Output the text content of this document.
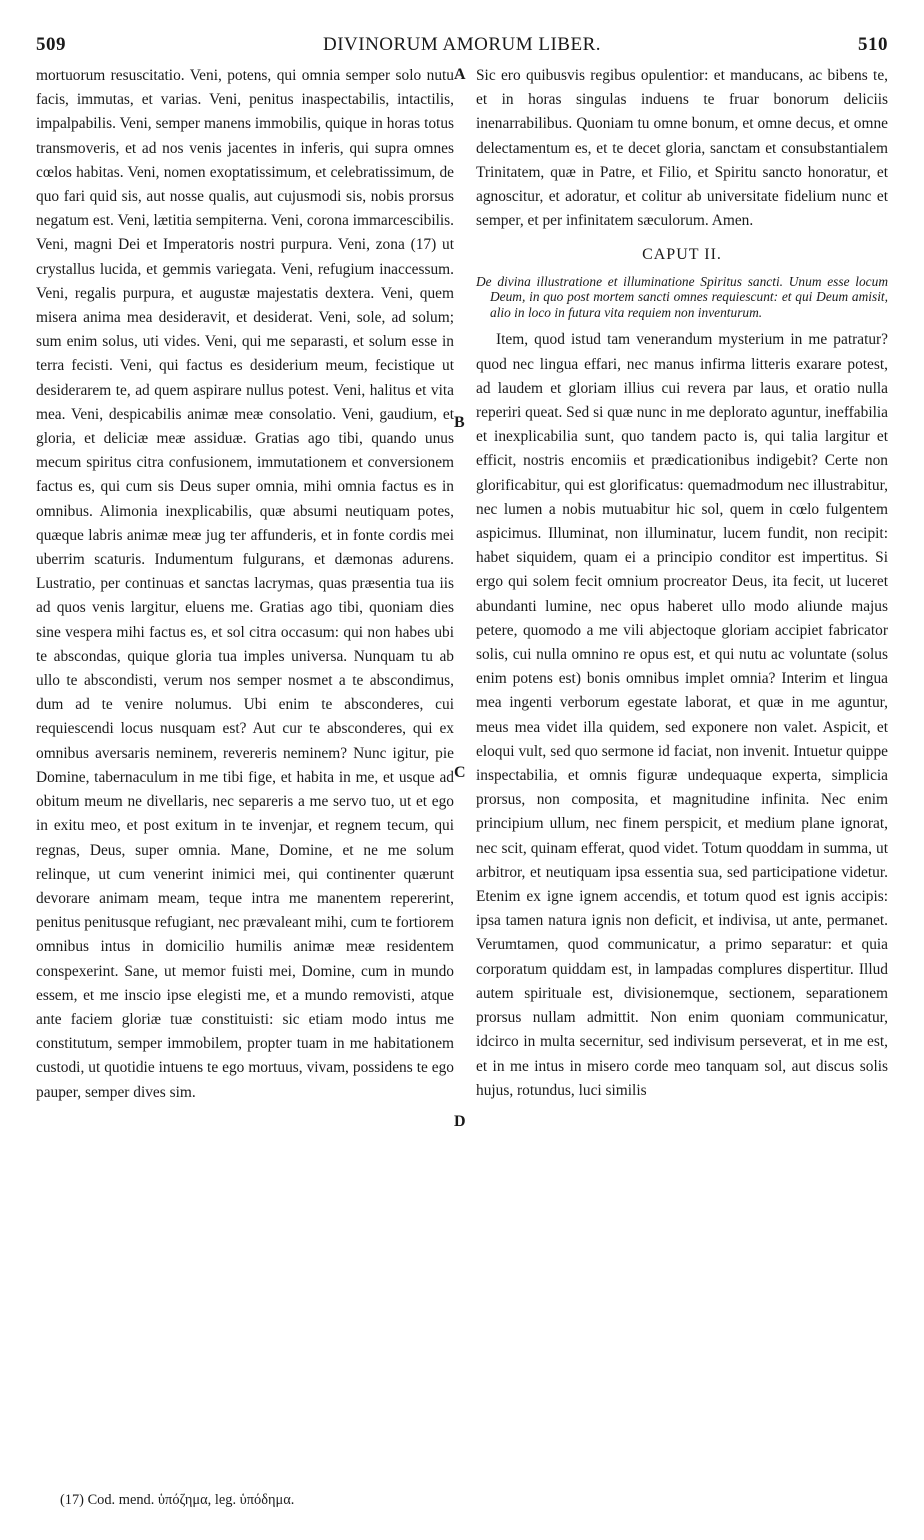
509	DIVINORUM AMORUM LIBER.	510

mortuorum resuscitatio. Veni, potens, qui omnia semper solo nutu facis, immutas, et varias. Veni, penitus inaspectabilis, intactilis, impalpabilis. Veni, semper manens immobilis, quique in horas totus transmoveris, et ad nos venis jacentes in inferis, qui supra omnes cœlos habitas. Veni, nomen exoptatissimum, et celebratissimum, de quo fari quid sis, aut nosse qualis, aut cujusmodi sis, nobis prorsus negatum est. Veni, lætitia sempiterna. Veni, corona immarcescibilis. Veni, magni Dei et Imperatoris nostri purpura. Veni, zona (17) ut crystallus lucida, et gemmis variegata. Veni, refugium inaccessum. Veni, regalis purpura, et augustæ majestatis dextera. Veni, quem misera anima mea desideravit, et desiderat. Veni, sole, ad solum; sum enim solus, uti vides. Veni, qui me separasti, et solum esse in terra fecisti. Veni, qui factus es desiderium meum, fecistique ut desiderarem te, ad quem aspirare nullus potest. Veni, halitus et vita mea. Veni, despicabilis animæ meæ consolatio. Veni, gaudium, et gloria, et deliciæ meæ assiduæ. Gratias ago tibi, quando unus mecum spiritus citra confusionem, immutationem et conversionem factus es, qui cum sis Deus super omnia, mihi omnia factus es in omnibus. Alimonia inexplicabilis, quæ absumi neutiquam potes, quæque labris animæ meæ jug ter affunderis, et in fonte cordis mei uberrim scaturis. Indumentum fulgurans, et dæmonas adurens. Lustratio, per continuas et sanctas lacrymas, quas præsentia tua iis ad quos venis largitur, eluens me. Gratias ago tibi, quoniam dies sine vespera mihi factus es, et sol citra occasum: qui non habes ubi te abscondas, quique gloria tua imples universa. Nunquam tu ab ullo te abscondisti, verum nos semper nosmet a te abscondimus, dum ad te venire nolumus. Ubi enim te absconderes, cui requiescendi locus nusquam est? Aut cur te absconderes, qui ex omnibus aversaris neminem, revereris neminem? Nunc igitur, pie Domine, tabernaculum in me tibi fige, et habita in me, et usque ad obitum meum ne divellaris, nec separeris a me servo tuo, ut et ego in exitu meo, et post exitum in te invenjar, et regnem tecum, qui regnas, Deus, super omnia. Mane, Domine, et ne me solum relinque, ut cum venerint inimici mei, qui continenter quærunt devorare animam meam, teque intra me manentem repererint, penitus penitusque refugiant, nec prævaleant mihi, cum te fortiorem omnibus intus in domicilio humilis animæ meæ residentem conspexerint. Sane, ut memor fuisti mei, Domine, cum in mundo essem, et me inscio ipse elegisti me, et a mundo removisti, atque ante faciem gloriæ tuæ constituisti: sic etiam modo intus me constitutum, semper immobilem, propter tuam in me habitationem custodi, ut quotidie intuens te ego mortuus, vivam, possidens te ego pauper, semper dives sim.

Sic ero quibusvis regibus opulentior: et manducans, ac bibens te, et in horas singulas induens te fruar bonorum deliciis inenarrabilibus. Quoniam tu omne bonum, et omne decus, et omne delectamentum es, et te decet gloria, sanctam et consubstantialem Trinitatem, quæ in Patre, et Filio, et Spiritu sancto honoratur, et agnoscitur, et adoratur, et colitur ab universitate fidelium nunc et semper, et per infinitatem sæculorum. Amen.

CAPUT II.
De divina illustratione et illuminatione Spiritus sancti. Unum esse locum Deum, in quo post mortem sancti omnes requiescunt: et qui Deum amisit, alio in loco in futura vita requiem non inventurum.

Item, quod istud tam venerandum mysterium in me patratur? quod nec lingua effari, nec manus infirma litteris exarare potest, ad laudem et gloriam illius cui revera par laus, et oratio nulla reperiri queat. Sed si quæ nunc in me deplorato aguntur, ineffabilia et inexplicabilia sunt, quo tandem pacto is, qui talia largitur et efficit, nostris encomiis et prædicationibus indigebit? Certe non glorificabitur, qui est glorificatus: quemadmodum nec illustrabitur, nec lumen a nobis mutuabitur hic sol, quem in cœlo fulgentem aspicimus. Illuminat, non illuminatur, lucem fundit, non recipit: habet siquidem, quam ei a principio conditor est impertitus. Si ergo qui solem fecit omnium procreator Deus, ita fecit, ut luceret abundanti lumine, nec opus haberet ullo modo aliunde majus petere, quomodo a me vili abjectoque gloriam accipiet fabricator solis, cui nulla omnino re opus est, et qui nutu ac voluntate (solus enim potens est) bonis omnibus implet omnia? Interim et lingua mea ingenti verborum egestate laborat, et quæ in me aguntur, meus mea videt illa quidem, sed exponere non valet. Aspicit, et eloqui vult, sed quo sermone id faciat, non invenit. Intuetur quippe inspectabilia, et omnis figuræ undequaque experta, simplicia prorsus, non composita, et magnitudine infinita. Nec enim principium ullum, nec finem perspicit, et medium plane ignorat, nec scit, quinam efferat, quod videt. Totum quoddam in summa, ut arbitror, et neutiquam ipsa essentia sua, sed participatione videtur. Etenim ex igne ignem accendis, et totum quod est ignis accipis: ipsa tamen natura ignis non deficit, et indivisa, ut ante, permanet. Verumtamen, quod communicatur, a primo separatur: et quia corporatum quiddam est, in lampadas complures dispertitur. Illud autem spirituale est, divisionemque, sectionem, separationem prorsus nullam admittit. Non enim quoniam communicatur, idcirco in multa secernitur, sed indivisum perseverat, et in me est, et in me intus in misero corde meo tanquam sol, aut discus solis hujus, rotundus, luci similis

A
B
C
D
(17) Cod. mend. ὑπόζημα, leg. ὑπόδημα.
